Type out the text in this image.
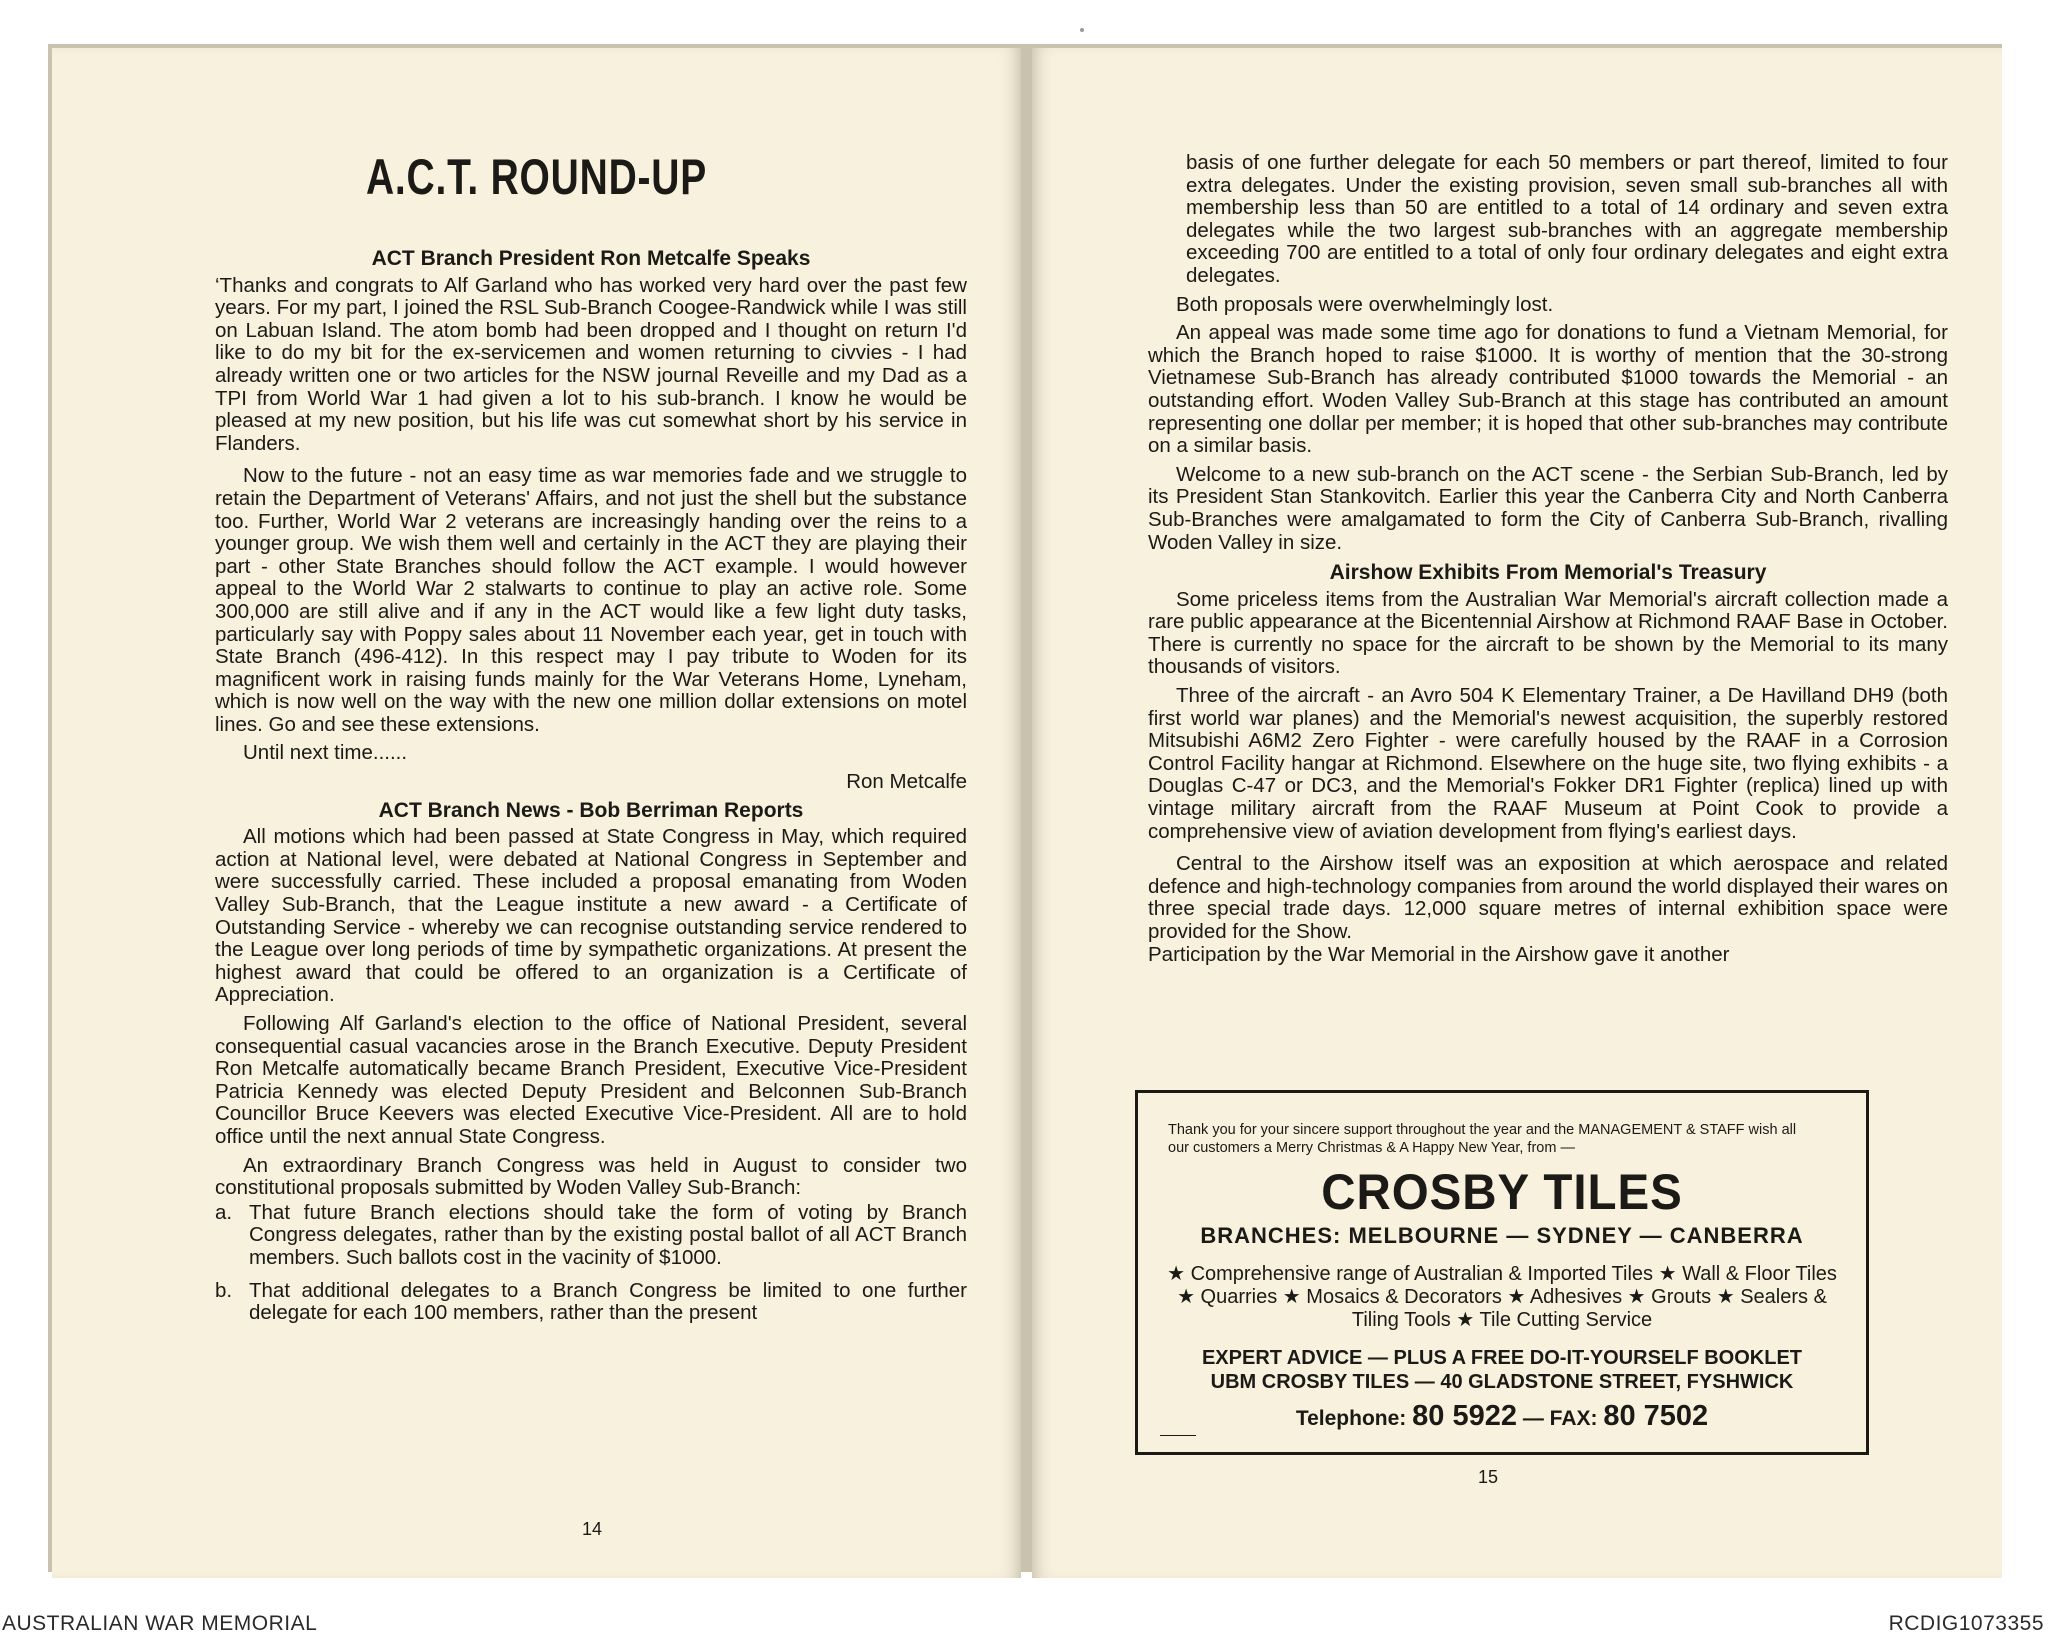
A.C.T. ROUND-UP
ACT Branch President Ron Metcalfe Speaks

‘Thanks and congrats to Alf Garland who has worked very hard over the past few years. For my part, I joined the RSL Sub-Branch Coogee-Randwick while I was still on Labuan Island. The atom bomb had been dropped and I thought on return I'd like to do my bit for the ex-servicemen and women returning to civvies - I had already written one or two articles for the NSW journal Reveille and my Dad as a TPI from World War 1 had given a lot to his sub-branch. I know he would be pleased at my new position, but his life was cut somewhat short by his service in Flanders.

Now to the future - not an easy time as war memories fade and we struggle to retain the Department of Veterans' Affairs, and not just the shell but the substance too. Further, World War 2 veterans are increasingly handing over the reins to a younger group. We wish them well and certainly in the ACT they are playing their part - other State Branches should follow the ACT example. I would however appeal to the World War 2 stalwarts to continue to play an active role. Some 300,000 are still alive and if any in the ACT would like a few light duty tasks, particularly say with Poppy sales about 11 November each year, get in touch with State Branch (496-412). In this respect may I pay tribute to Woden for its magnificent work in raising funds mainly for the War Veterans Home, Lyneham, which is now well on the way with the new one million dollar extensions on motel lines. Go and see these extensions.

Until next time......
Ron Metcalfe
ACT Branch News - Bob Berriman Reports

All motions which had been passed at State Congress in May, which required action at National level, were debated at National Congress in September and were successfully carried. These included a proposal emanating from Woden Valley Sub-Branch, that the League institute a new award - a Certificate of Outstanding Service - whereby we can recognise outstanding service rendered to the League over long periods of time by sympathetic organizations. At present the highest award that could be offered to an organization is a Certificate of Appreciation.

Following Alf Garland's election to the office of National President, several consequential casual vacancies arose in the Branch Executive. Deputy President Ron Metcalfe automatically became Branch President, Executive Vice-President Patricia Kennedy was elected Deputy President and Belconnen Sub-Branch Councillor Bruce Keevers was elected Executive Vice-President. All are to hold office until the next annual State Congress.

An extraordinary Branch Congress was held in August to consider two constitutional proposals submitted by Woden Valley Sub-Branch:

a. That future Branch elections should take the form of voting by Branch Congress delegates, rather than by the existing postal ballot of all ACT Branch members. Such ballots cost in the vacinity of $1000.
b. That additional delegates to a Branch Congress be limited to one further delegate for each 100 members, rather than the present
14
basis of one further delegate for each 50 members or part thereof, limited to four extra delegates. Under the existing provision, seven small sub-branches all with membership less than 50 are entitled to a total of 14 ordinary and seven extra delegates while the two largest sub-branches with an aggregate membership exceeding 700 are entitled to a total of only four ordinary delegates and eight extra delegates.

Both proposals were overwhelmingly lost.

An appeal was made some time ago for donations to fund a Vietnam Memorial, for which the Branch hoped to raise $1000. It is worthy of mention that the 30-strong Vietnamese Sub-Branch has already contributed $1000 towards the Memorial - an outstanding effort. Woden Valley Sub-Branch at this stage has contributed an amount representing one dollar per member; it is hoped that other sub-branches may contribute on a similar basis.

Welcome to a new sub-branch on the ACT scene - the Serbian Sub-Branch, led by its President Stan Stankovitch. Earlier this year the Canberra City and North Canberra Sub-Branches were amalgamated to form the City of Canberra Sub-Branch, rivalling Woden Valley in size.

Airshow Exhibits From Memorial's Treasury

Some priceless items from the Australian War Memorial's aircraft collection made a rare public appearance at the Bicentennial Airshow at Richmond RAAF Base in October. There is currently no space for the aircraft to be shown by the Memorial to its many thousands of visitors.

Three of the aircraft - an Avro 504 K Elementary Trainer, a De Havilland DH9 (both first world war planes) and the Memorial's newest acquisition, the superbly restored Mitsubishi A6M2 Zero Fighter - were carefully housed by the RAAF in a Corrosion Control Facility hangar at Richmond. Elsewhere on the huge site, two flying exhibits - a Douglas C-47 or DC3, and the Memorial's Fokker DR1 Fighter (replica) lined up with vintage military aircraft from the RAAF Museum at Point Cook to provide a comprehensive view of aviation development from flying's earliest days.

Central to the Airshow itself was an exposition at which aerospace and related defence and high-technology companies from around the world displayed their wares on three special trade days. 12,000 square metres of internal exhibition space were provided for the Show.

Participation by the War Memorial in the Airshow gave it another

15
Thank you for your sincere support throughout the year and the MANAGEMENT & STAFF wish all our customers a Merry Christmas & A Happy New Year, from —
CROSBY TILES
BRANCHES: MELBOURNE — SYDNEY — CANBERRA
★ Comprehensive range of Australian & Imported Tiles ★ Wall & Floor Tiles ★ Quarries ★ Mosaics & Decorators ★ Adhesives ★ Grouts ★ Sealers & Tiling Tools ★ Tile Cutting Service
EXPERT ADVICE — PLUS A FREE DO-IT-YOURSELF BOOKLET
UBM CROSBY TILES — 40 GLADSTONE STREET, FYSHWICK
Telephone: 80 5922 — FAX: 80 7502
AUSTRALIAN WAR MEMORIAL	RCDIG1073355
